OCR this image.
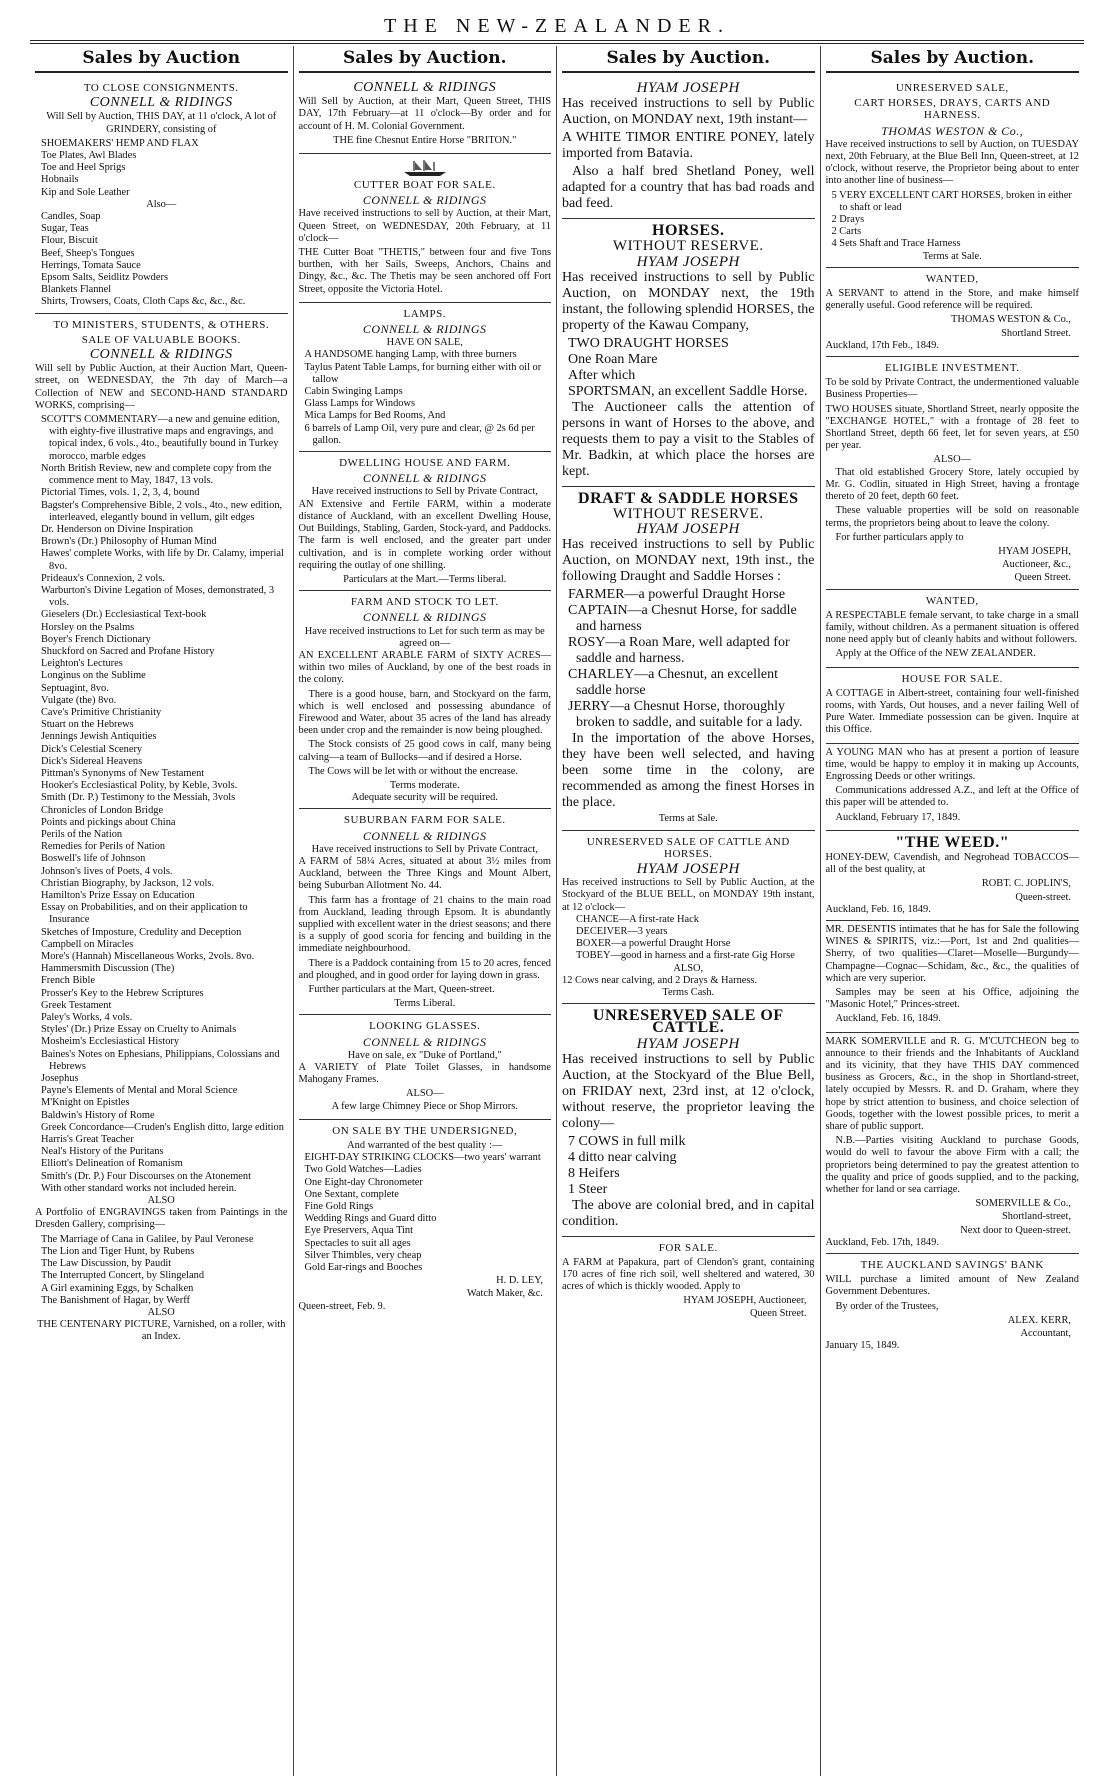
THE NEW-ZEALANDER.
Sales by Auction
TO CLOSE CONSIGNMENTS.
CONNELL & RIDINGS
Will Sell by Auction, THIS DAY, at 11 o'clock, A lot of GRINDERY, consisting of
SHOEMAKERS' HEMP AND FLAX
Toe Plates, Awl Blades
Toe and Heel Sprigs
Hobnails
Kip and Sole Leather
Also—
Candles, Soap
Sugar, Teas
Flour, Biscuit
Beef, Sheep's Tongues
Herrings, Tomata Sauce
Epsom Salts, Seidlitz Powders
Blankets Flannel
Shirts, Trowsers, Coats, Cloth Caps &c, &c., &c.
TO MINISTERS, STUDENTS, & OTHERS.
SALE OF VALUABLE BOOKS.
CONNELL & RIDINGS
Will sell by Public Auction, at their Auction Mart, Queen-street, on WEDNESDAY, the 7th day of March—a Collection of NEW and SECOND-HAND STANDARD WORKS, comprising—
SCOTT'S COMMENTARY—a new and genuine edition, with eighty-five illustrative maps and engravings, and topical index, 6 vols., 4to., beautifully bound in Turkey morocco, marble edges
North British Review, new and complete copy from the commence ment to May, 1847, 13 vols.
Pictorial Times, vols. 1, 2, 3, 4, bound
Bagster's Comprehensive Bible, 2 vols., 4to., new edition, interleaved, elegantly bound in vellum, gilt edges
Dr. Henderson on Divine Inspiration
Brown's (Dr.) Philosophy of Human Mind
Hawes' complete Works, with life by Dr. Calamy, imperial 8vo.
Prideaux's Connexion, 2 vols.
Warburton's Divine Legation of Moses, demonstrated, 3 vols.
Gieselers (Dr.) Ecclesiastical Text-book
Horsley on the Psalms
Boyer's French Dictionary
Shuckford on Sacred and Profane History
Leighton's Lectures
Longinus on the Sublime
Septuagint, 8vo.
Vulgate (the) 8vo.
Cave's Primitive Christianity
Stuart on the Hebrews
Jennings Jewish Antiquities
Dick's Celestial Scenery
Dick's Sidereal Heavens
Pittman's Synonyms of New Testament
Hooker's Ecclesiastical Polity, by Keble, 3vols.
Smith (Dr. P.) Testimony to the Messiah, 3vols
Chronicles of London Bridge
Points and pickings about China
Perils of the Nation
Remedies for Perils of Nation
Boswell's life of Johnson
Johnson's lives of Poets, 4 vols.
Christian Biography, by Jackson, 12 vols.
Hamilton's Prize Essay on Education
Essay on Probabilities, and on their application to Insurance
Sketches of Imposture, Credulity and Deception
Campbell on Miracles
More's (Hannah) Miscellaneous Works, 2vols. 8vo.
Hammersmith Discussion (The)
French Bible
Prosser's Key to the Hebrew Scriptures
Greek Testament
Paley's Works, 4 vols.
Styles' (Dr.) Prize Essay on Cruelty to Animals
Mosheim's Ecclesiastical History
Baines's Notes on Ephesians, Philippians, Colossians and Hebrews
Josephus
Payne's Elements of Mental and Moral Science
M'Knight on Epistles
Baldwin's History of Rome
Greek Concordance—Cruden's English ditto, large edition
Harris's Great Teacher
Neal's History of the Puritans
Elliott's Delineation of Romanism
Smith's (Dr. P.) Four Discourses on the Atonement
With other standard works not included herein.
ALSO
A Portfolio of ENGRAVINGS taken from Paintings in the Dresden Gallery, comprising—
The Marriage of Cana in Galilee, by Paul Veronese
The Lion and Tiger Hunt, by Rubens
The Law Discussion, by Paudit
The Interrupted Concert, by Slingeland
A Girl examining Eggs, by Schalken
The Banishment of Hagar, by Werff
ALSO
THE CENTENARY PICTURE, Varnished, on a roller, with an Index.
Sales by Auction.
CONNELL & RIDINGS
Will Sell by Auction, at their Mart, Queen Street, THIS DAY, 17th February—at 11 o'clock—By order and for account of H. M. Colonial Government.
THE fine Chesnut Entire Horse "BRITON."
CUTTER BOAT FOR SALE.
CONNELL & RIDINGS
Have received instructions to sell by Auction, at their Mart, Queen Street, on WEDNESDAY, 20th February, at 11 o'clock—
THE Cutter Boat "THETIS," between four and five Tons burthen, with her Sails, Sweeps, Anchors, Chains and Dingy, &c., &c. The Thetis may be seen anchored off Fort Street, opposite the Victoria Hotel.
LAMPS.
CONNELL & RIDINGS
HAVE ON SALE,
A HANDSOME hanging Lamp, with three burners
Taylus Patent Table Lamps, for burning either with oil or tallow
Cabin Swinging Lamps
Glass Lamps for Windows
Mica Lamps for Bed Rooms, And
6 barrels of Lamp Oil, very pure and clear, @ 2s 6d per gallon.
DWELLING HOUSE AND FARM.
CONNELL & RIDINGS
Have received instructions to Sell by Private Contract,
AN Extensive and Fertile FARM, within a moderate distance of Auckland, with an excellent Dwelling House, Out Buildings, Stabling, Garden, Stock-yard, and Paddocks. The farm is well enclosed, and the greater part under cultivation, and is in complete working order without requiring the outlay of one shilling.
Particulars at the Mart.—Terms liberal.
FARM AND STOCK TO LET.
CONNELL & RIDINGS
Have received instructions to Let for such term as may be agreed on—
AN EXCELLENT ARABLE FARM of SIXTY ACRES—within two miles of Auckland, by one of the best roads in the colony.
There is a good house, barn, and Stockyard on the farm, which is well enclosed and possessing abundance of Firewood and Water, about 35 acres of the land has already been under crop and the remainder is now being ploughed.
The Stock consists of 25 good cows in calf, many being calving—a team of Bullocks—and if desired a Horse.
The Cows will be let with or without the encrease.
Terms moderate.
Adequate security will be required.
SUBURBAN FARM FOR SALE.
CONNELL & RIDINGS
Have received instructions to Sell by Private Contract,
A FARM of 58¼ Acres, situated at about 3½ miles from Auckland, between the Three Kings and Mount Albert, being Suburban Allotment No. 44.
This farm has a frontage of 21 chains to the main road from Auckland, leading through Epsom. It is abundantly supplied with excellent water in the driest seasons; and there is a supply of good scoria for fencing and building in the immediate neighbourhood.
There is a Paddock containing from 15 to 20 acres, fenced and ploughed, and in good order for laying down in grass.
Further particulars at the Mart, Queen-street.
Terms Liberal.
LOOKING GLASSES.
CONNELL & RIDINGS
Have on sale, ex "Duke of Portland,"
A VARIETY of Plate Toilet Glasses, in handsome Mahogany Frames.
ALSO—
A few large Chimney Piece or Shop Mirrors.
ON SALE BY THE UNDERSIGNED,
And warranted of the best quality :—
EIGHT-DAY STRIKING CLOCKS—two years' warrant
Two Gold Watches—Ladies
One Eight-day Chronometer
One Sextant, complete
Fine Gold Rings
Wedding Rings and Guard ditto
Eye Preservers, Aqua Tint
Spectacles to suit all ages
Silver Thimbles, very cheap
Gold Ear-rings and Booches
H. D. LEY,
Watch Maker, &c.
Queen-street, Feb. 9.
Sales by Auction.
HYAM JOSEPH
Has received instructions to sell by Public Auction, on MONDAY next, 19th instant—
A WHITE TIMOR ENTIRE PONEY, lately imported from Batavia.
Also a half bred Shetland Poney, well adapted for a country that has bad roads and bad feed.
HORSES.
WITHOUT RESERVE.
HYAM JOSEPH
Has received instructions to sell by Public Auction, on MONDAY next, the 19th instant, the following splendid HORSES, the property of the Kawau Company,
TWO DRAUGHT HORSES
One Roan Mare
After which
SPORTSMAN, an excellent Saddle Horse.
The Auctioneer calls the attention of persons in want of Horses to the above, and requests them to pay a visit to the Stables of Mr. Badkin, at which place the horses are kept.
DRAFT & SADDLE HORSES
WITHOUT RESERVE.
HYAM JOSEPH
Has received instructions to sell by Public Auction, on MONDAY next, 19th inst., the following Draught and Saddle Horses :
FARMER—a powerful Draught Horse
CAPTAIN—a Chesnut Horse, for saddle and harness
ROSY—a Roan Mare, well adapted for saddle and harness.
CHARLEY—a Chesnut, an excellent saddle horse
JERRY—a Chesnut Horse, thoroughly broken to saddle, and suitable for a lady.
In the importation of the above Horses, they have been well selected, and having been some time in the colony, are recommended as among the finest Horses in the place.
Terms at Sale.
UNRESERVED SALE OF CATTLE AND HORSES.
HYAM JOSEPH
Has received instructions to Sell by Public Auction, at the Stockyard of the BLUE BELL, on MONDAY 19th instant, at 12 o'clock—
CHANCE—A first-rate Hack
DECEIVER—3 years
BOXER—a powerful Draught Horse
TOBEY—good in harness and a first-rate Gig Horse
ALSO,
12 Cows near calving, and 2 Drays & Harness.
Terms Cash.
UNRESERVED SALE OF CATTLE.
HYAM JOSEPH
Has received instructions to sell by Public Auction, at the Stockyard of the Blue Bell, on FRIDAY next, 23rd inst, at 12 o'clock, without reserve, the proprietor leaving the colony—
7 COWS in full milk
4 ditto near calving
8 Heifers
1 Steer
The above are colonial bred, and in capital condition.
FOR SALE.
A FARM at Papakura, part of Clendon's grant, containing 170 acres of fine rich soil, well sheltered and watered, 30 acres of which is thickly wooded. Apply to
HYAM JOSEPH, Auctioneer,
Queen Street.
Sales by Auction.
UNRESERVED SALE,
CART HORSES, DRAYS, CARTS AND HARNESS.
THOMAS WESTON & Co.,
Have received instructions to sell by Auction, on TUESDAY next, 20th February, at the Blue Bell Inn, Queen-street, at 12 o'clock, without reserve, the Proprietor being about to enter into another line of business—
5 VERY EXCELLENT CART HORSES, broken in either to shaft or lead
2 Drays
2 Carts
4 Sets Shaft and Trace Harness
Terms at Sale.
WANTED,
A SERVANT to attend in the Store, and make himself generally useful. Good reference will be required.
THOMAS WESTON & Co.,
Shortland Street.
Auckland, 17th Feb., 1849.
ELIGIBLE INVESTMENT.
To be sold by Private Contract, the undermentioned valuable Business Properties—
TWO HOUSES situate, Shortland Street, nearly opposite the "EXCHANGE HOTEL," with a frontage of 28 feet to Shortland Street, depth 66 feet, let for seven years, at £50 per year.
ALSO—
That old established Grocery Store, lately occupied by Mr. G. Codlin, situated in High Street, having a frontage thereto of 20 feet, depth 60 feet.
These valuable properties will be sold on reasonable terms, the proprietors being about to leave the colony.
For further particulars apply to
HYAM JOSEPH,
Auctioneer, &c.,
Queen Street.
WANTED,
A RESPECTABLE female servant, to take charge in a small family, without children. As a permanent situation is offered none need apply but of cleanly habits and without followers.
Apply at the Office of the NEW ZEALANDER.
HOUSE FOR SALE.
A COTTAGE in Albert-street, containing four well-finished rooms, with Yards, Out houses, and a never failing Well of Pure Water. Immediate possession can be given. Inquire at this Office.
A YOUNG MAN who has at present a portion of leasure time, would be happy to employ it in making up Accounts, Engrossing Deeds or other writings.
Communications addressed A.Z., and left at the Office of this paper will be attended to.
Auckland, February 17, 1849.
"THE WEED."
HONEY-DEW, Cavendish, and Negrohead TOBACCOS—all of the best quality, at
ROBT. C. JOPLIN'S,
Queen-street.
Auckland, Feb. 16, 1849.
MR. DESENTIS intimates that he has for Sale the following WINES & SPIRITS, viz.:—Port, 1st and 2nd qualities—Sherry, of two qualities—Claret—Moselle—Burgundy—Champagne—Cognac—Schidam, &c., &c., the qualities of which are very superior.
Samples may be seen at his Office, adjoining the "Masonic Hotel," Princes-street.
Auckland, Feb. 16, 1849.
MARK SOMERVILLE and R. G. M'CUTCHEON beg to announce to their friends and the Inhabitants of Auckland and its vicinity, that they have THIS DAY commenced business as Grocers, &c., in the shop in Shortland-street, lately occupied by Messrs. R. and D. Graham, where they hope by strict attention to business, and choice selection of Goods, together with the lowest possible prices, to merit a share of public support.
N.B.—Parties visiting Auckland to purchase Goods, would do well to favour the above Firm with a call; the proprietors being determined to pay the greatest attention to the quality and price of goods supplied, and to the packing, whether for land or sea carriage.
SOMERVILLE & Co.,
Shortland-street,
Next door to Queen-street.
Auckland, Feb. 17th, 1849.
THE AUCKLAND SAVINGS' BANK
WILL purchase a limited amount of New Zealand Government Debentures.
By order of the Trustees,
ALEX. KERR,
Accountant,
January 15, 1849.
